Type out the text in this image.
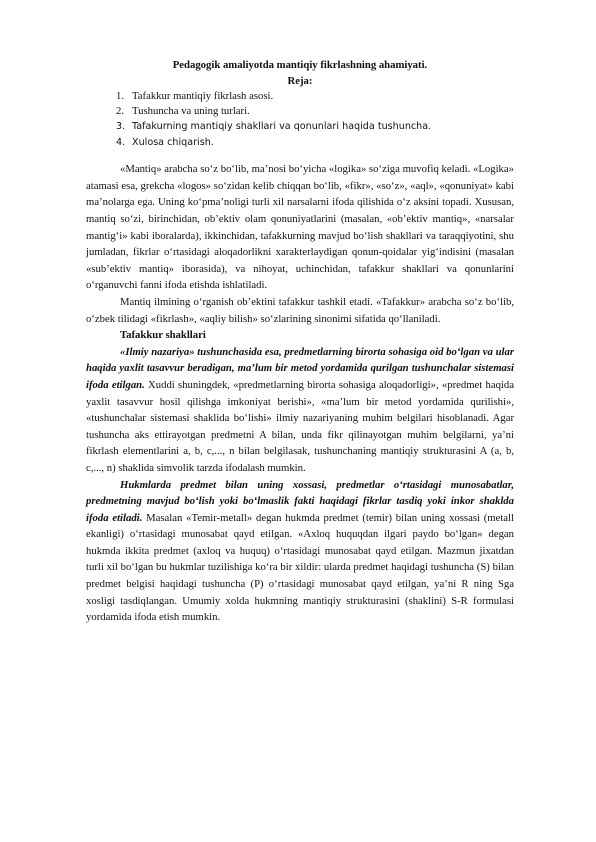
Pedagogik amaliyotda mantiqiy fikrlashning ahamiyati.

Reja:

1. Tafakkur mantiqiy fikrlash asosi.
2. Tushuncha va uning turlari.
3. Tafakurning mantiqiy shakllari va qonunlari haqida tushuncha.
4. Xulosa chiqarish.

«Mantiq» arabcha so‘z bo‘lib, ma’nosi bo‘yicha «logika» so‘ziga muvofiq keladi. «Logika» atamasi esa, grekcha «logos» so‘zidan kelib chiqqan bo‘lib, «fikr», «so‘z», «aql», «qonuniyat» kabi ma’nolarga ega. Uning ko‘pma’noligi turli xil narsalarni ifoda qilishida o‘z aksini topadi. Xususan, mantiq so‘zi, birinchidan, ob’ektiv olam qonuniyatlarini (masalan, «ob’ektiv mantiq», «narsalar mantig‘i» kabi iboralarda), ikkinchidan, tafakkurning mavjud bo‘lish shakllari va taraqqiyotini, shu jumladan, fikrlar o‘rtasidagi aloqadorlikni xarakterlaydigan qonun-qoidalar yig‘indisini (masalan «sub’ektiv mantiq» iborasida), va nihoyat, uchinchidan, tafakkur shakllari va qonunlarini o‘rganuvchi fanni ifoda etishda ishlatiladi.

Mantiq ilmining o‘rganish ob’ektini tafakkur tashkil etadi. «Tafakkur» arabcha so‘z bo‘lib, o‘zbek tilidagi «fikrlash», «aqliy bilish» so‘zlarining sinonimi sifatida qo‘llaniladi.

Tafakkur shakllari

«Ilmiy nazariya» tushunchasida esa, predmetlarning birorta sohasiga oid bo‘lgan va ular haqida yaxlit tasavvur beradigan, ma’lum bir metod yordamida qurilgan tushunchalar sistemasi ifoda etilgan. Xuddi shuningdek, «predmetlarning birorta sohasiga aloqadorligi», «predmet haqida yaxlit tasavvur hosil qilishga imkoniyat berishi», «ma’lum bir metod yordamida qurilishi», «tushunchalar sistemasi shaklida bo‘lishi» ilmiy nazariyaning muhim belgilari hisoblanadi. Agar tushuncha aks ettirayotgan predmetni A bilan, unda fikr qilinayotgan muhim belgilarni, ya’ni fikrlash elementlarini a, b, c,..., n bilan belgilasak, tushunchaning mantiqiy strukturasini A (a, b, c,..., n) shaklida simvolik tarzda ifodalash mumkin.

Hukmlarda predmet bilan uning xossasi, predmetlar o‘rtasidagi munosabatlar, predmetning mavjud bo‘lish yoki bo‘lmaslik fakti haqidagi fikrlar tasdiq yoki inkor shaklda ifoda etiladi. Masalan «Temir-metall» degan hukmda predmet (temir) bilan uning xossasi (metall ekanligi) o‘rtasidagi munosabat qayd etilgan. «Axloq huquqdan ilgari paydo bo‘lgan» degan hukmda ikkita predmet (axloq va huquq) o‘rtasidagi munosabat qayd etilgan. Mazmun jixatdan turli xil bo‘lgan bu hukmlar tuzilishiga ko‘ra bir xildir: ularda predmet haqidagi tushuncha (S) bilan predmet belgisi haqidagi tushuncha (P) o‘rtasidagi munosabat qayd etilgan, ya’ni R ning Sga xosligi tasdiqlangan. Umumiy xolda hukmning mantiqiy strukturasini (shaklini) S-R formulasi yordamida ifoda etish mumkin.
